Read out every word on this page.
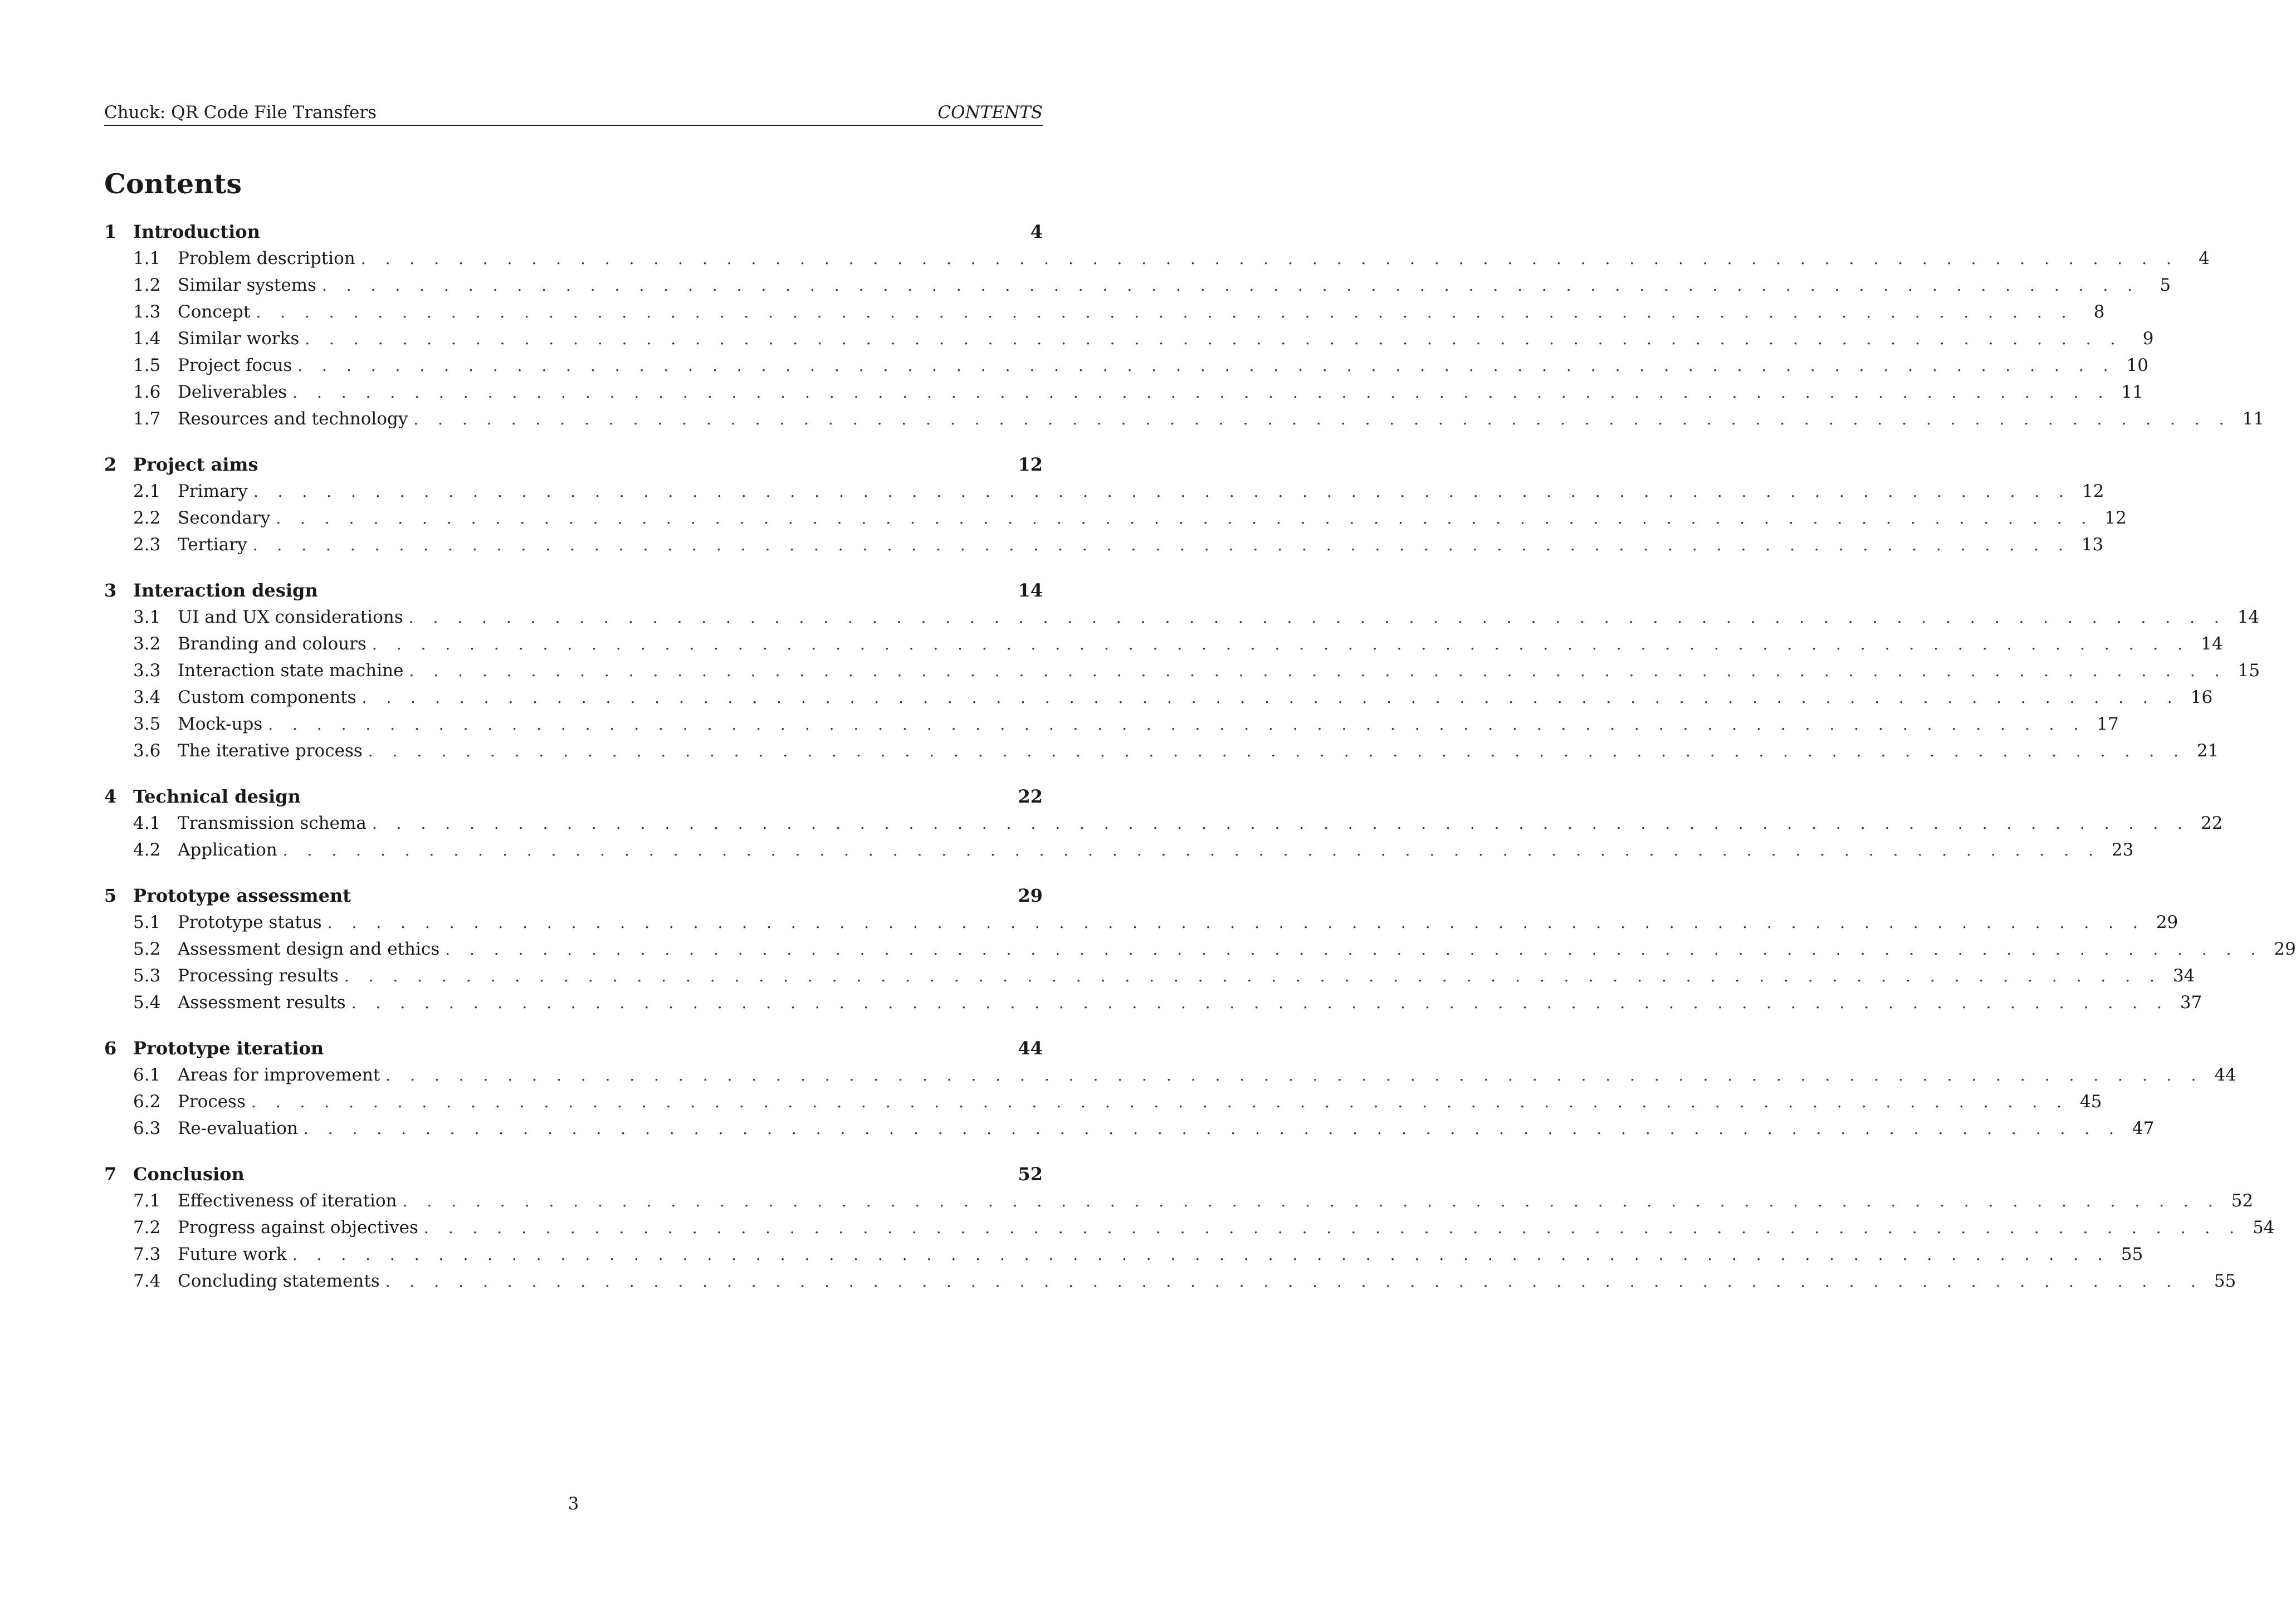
Chuck: QR Code File Transfers	CONTENTS
Contents
1 Introduction	4
1.1 Problem description . . . . . . . . . . . . . . . . . . . . . . . . . . . . . . . . . . . . . . . . . . . . . . . . . . . . . . . . . . . . . . . . . . . . . . . . . . .	4
1.2 Similar systems . . . . . . . . . . . . . . . . . . . . . . . . . . . . . . . . . . . . . . . . . . . . . . . . . . . . . . . . . . . . . . . . . . . . . . . . . . .	5
1.3 Concept . . . . . . . . . . . . . . . . . . . . . . . . . . . . . . . . . . . . . . . . . . . . . . . . . . . . . . . . . . . . . . . . . . . . . . . . . . .	8
1.4 Similar works . . . . . . . . . . . . . . . . . . . . . . . . . . . . . . . . . . . . . . . . . . . . . . . . . . . . . . . . . . . . . . . . . . . . . . . . . . .	9
1.5 Project focus . . . . . . . . . . . . . . . . . . . . . . . . . . . . . . . . . . . . . . . . . . . . . . . . . . . . . . . . . . . . . . . . . . . . . . . . . . . 10
1.6 Deliverables . . . . . . . . . . . . . . . . . . . . . . . . . . . . . . . . . . . . . . . . . . . . . . . . . . . . . . . . . . . . . . . . . . . . . . . . . . . 11
1.7 Resources and technology . . . . . . . . . . . . . . . . . . . . . . . . . . . . . . . . . . . . . . . . . . . . . . . . . . . . . . . . . . . . . . . . . . . . . . . . . . . 11
2 Project aims	12
2.1 Primary . . . . . . . . . . . . . . . . . . . . . . . . . . . . . . . . . . . . . . . . . . . . . . . . . . . . . . . . . . . . . . . . . . . . . . . . . . . 12
2.2 Secondary . . . . . . . . . . . . . . . . . . . . . . . . . . . . . . . . . . . . . . . . . . . . . . . . . . . . . . . . . . . . . . . . . . . . . . . . . . . 12
2.3 Tertiary . . . . . . . . . . . . . . . . . . . . . . . . . . . . . . . . . . . . . . . . . . . . . . . . . . . . . . . . . . . . . . . . . . . . . . . . . . . 13
3 Interaction design	14
3.1 UI and UX considerations . . . . . . . . . . . . . . . . . . . . . . . . . . . . . . . . . . . . . . . . . . . . . . . . . . . . . . . . . . . . . . . . . . . . . . . . . . . 14
3.2 Branding and colours . . . . . . . . . . . . . . . . . . . . . . . . . . . . . . . . . . . . . . . . . . . . . . . . . . . . . . . . . . . . . . . . . . . . . . . . . . . 14
3.3 Interaction state machine . . . . . . . . . . . . . . . . . . . . . . . . . . . . . . . . . . . . . . . . . . . . . . . . . . . . . . . . . . . . . . . . . . . . . . . . . . . 15
3.4 Custom components . . . . . . . . . . . . . . . . . . . . . . . . . . . . . . . . . . . . . . . . . . . . . . . . . . . . . . . . . . . . . . . . . . . . . . . . . . . 16
3.5 Mock-ups . . . . . . . . . . . . . . . . . . . . . . . . . . . . . . . . . . . . . . . . . . . . . . . . . . . . . . . . . . . . . . . . . . . . . . . . . . . 17
3.6 The iterative process . . . . . . . . . . . . . . . . . . . . . . . . . . . . . . . . . . . . . . . . . . . . . . . . . . . . . . . . . . . . . . . . . . . . . . . . . . . 21
4 Technical design	22
4.1 Transmission schema . . . . . . . . . . . . . . . . . . . . . . . . . . . . . . . . . . . . . . . . . . . . . . . . . . . . . . . . . . . . . . . . . . . . . . . . . . . 22
4.2 Application . . . . . . . . . . . . . . . . . . . . . . . . . . . . . . . . . . . . . . . . . . . . . . . . . . . . . . . . . . . . . . . . . . . . . . . . . . . 23
5 Prototype assessment	29
5.1 Prototype status . . . . . . . . . . . . . . . . . . . . . . . . . . . . . . . . . . . . . . . . . . . . . . . . . . . . . . . . . . . . . . . . . . . . . . . . . . . 29
5.2 Assessment design and ethics . . . . . . . . . . . . . . . . . . . . . . . . . . . . . . . . . . . . . . . . . . . . . . . . . . . . . . . . . . . . . . . . . . . . . . . . . . . 29
5.3 Processing results . . . . . . . . . . . . . . . . . . . . . . . . . . . . . . . . . . . . . . . . . . . . . . . . . . . . . . . . . . . . . . . . . . . . . . . . . . . 34
5.4 Assessment results . . . . . . . . . . . . . . . . . . . . . . . . . . . . . . . . . . . . . . . . . . . . . . . . . . . . . . . . . . . . . . . . . . . . . . . . . . . 37
6 Prototype iteration	44
6.1 Areas for improvement . . . . . . . . . . . . . . . . . . . . . . . . . . . . . . . . . . . . . . . . . . . . . . . . . . . . . . . . . . . . . . . . . . . . . . . . . . . 44
6.2 Process . . . . . . . . . . . . . . . . . . . . . . . . . . . . . . . . . . . . . . . . . . . . . . . . . . . . . . . . . . . . . . . . . . . . . . . . . . . 45
6.3 Re-evaluation . . . . . . . . . . . . . . . . . . . . . . . . . . . . . . . . . . . . . . . . . . . . . . . . . . . . . . . . . . . . . . . . . . . . . . . . . . . 47
7 Conclusion	52
7.1 Effectiveness of iteration . . . . . . . . . . . . . . . . . . . . . . . . . . . . . . . . . . . . . . . . . . . . . . . . . . . . . . . . . . . . . . . . . . . . . . . . . . . 52
7.2 Progress against objectives . . . . . . . . . . . . . . . . . . . . . . . . . . . . . . . . . . . . . . . . . . . . . . . . . . . . . . . . . . . . . . . . . . . . . . . . . . . 54
7.3 Future work . . . . . . . . . . . . . . . . . . . . . . . . . . . . . . . . . . . . . . . . . . . . . . . . . . . . . . . . . . . . . . . . . . . . . . . . . . . 55
7.4 Concluding statements . . . . . . . . . . . . . . . . . . . . . . . . . . . . . . . . . . . . . . . . . . . . . . . . . . . . . . . . . . . . . . . . . . . . . . . . . . . 55
3
